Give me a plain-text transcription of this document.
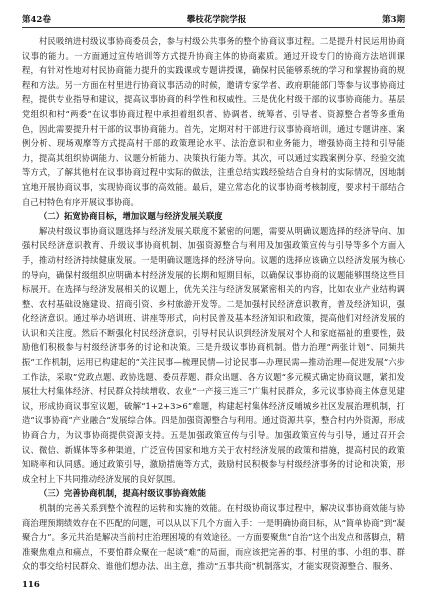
第42卷	攀枝花学院学报	第3期

村民吸纳进村级议事协商委员会，参与村级公共事务的整个协商议事过程。二是提升村民运用协商议事的能力。一方面通过宣传培训等方式提升协商主体的协商素质。通过开设专门的协商方法培训课程，有针对性地对村民协商能力提升的实践课或专题讲授课，确保村民能够系统的学习和掌握协商的规程和方法。另一方面在村里进行协商议事活动的时候，邀请专家学者、政府职能部门等参与议事协商过程，提供专业指导和建议，提高议事协商的科学性和权威性。三是优化村级干部的议事协商能力。基层党组织和村“两委”在议事协商过程中承担着组织者、协调者、统筹者、引导者、资源整合者等多重角色，因此需要提升村干部的议事协商能力。首先，定期对村干部进行议事协商培训，通过专题讲座、案例分析、现场观摩等方式提高村干部的政策理论水平、法治意识和业务能力，增强协商主持和引导能力，提高其组织协调能力、议题分析能力、决策执行能力等。其次，可以通过实践案例分享、经验交流等方式，了解其他村在议事协商过程中实际的做法，注重总结实践经验结合自身村的实际情况，因地制宜地开展协商议事，实现协商议事的高效能。最后，建立常态化的议事协商考核制度，要求村干部结合自己村特色有序开展议事协商。

（二）拓宽协商目标，增加议题与经济发展关联度

解决村级议事协商议题选择与经济发展关联度不紧密的问题，需要从明确议题选择的经济导向、加强村民经济意识教育、升级议事协商机制、加强资源整合与利用及加强政策宣传与引导等多个方面入手，推动村经济持续健康发展。一是明确议题选择的经济导向。议题的选择应该确立以经济发展为核心的导向，确保村级组织应明确本村经济发展的长期和短期目标，以确保议事协商的议题能够围绕这些目标展开。在选择与经济发展相关的议题上，优先关注与经济发展紧密相关的内容，比如农业产业结构调整、农村基础设施建设、招商引资、乡村旅游开发等。二是加强村民经济意识教育，普及经济知识，强化经济意识。通过举办培训班、讲座等形式，向村民普及基本经济知识和政策，提高他们对经济发展的认识和关注度。然后不断强化村民经济意识，引导村民认识到经济发展对个人和家庭福祉的重要性，鼓励他们积极参与村级经济事务的讨论和决策。三是升级议事协商机制。借力治理“两张计划”、同频共振“工作机制，运用已构建起的”关注民事—梳理民情—讨论民事—办理民需—推动治理—促进发展“六步工作法，采取”党政点题、政协选题、委员荐题、群众出题、各方议题“多元模式确定协商议题，紧扣发展壮大村集体经济、村民群众持续增收、农业“一产接三连三”广集村民群众，多元议事协商主体意见建议，形成协商议事室议题，破解“1+2+3>6”难题，构建起村集体经济反哺城乡社区发展治理机制，打造“议事协商”产业融合“发展综合体。四是加强资源整合与利用。通过资源共享，整合村内外资源，形成协商合力，为议事协商提供资源支持。五是加强政策宣传与引导。加强政策宣传与引导，通过召开会议、微信、新媒体等多种渠道，广泛宣传国家和地方关于农村经济发展的政策和措施，提高村民的政策知晓率和认同感。通过政策引导，激励措施等方式，鼓励村民积极参与村级经济事务的讨论和决策，形成全村上下共同推动经济发展的良好氛围。

（三）完善协商机制，提高村级议事协商效能

机制的完善关系到整个流程的运转和实施的效能。在村级协商议事过程中，解决议事协商效能与协商治理预期绩效存在不匹配的问题，可以从以下几个方面入手：一是明确协商目标，从“简单协商”到“凝聚合力”。多元共治是解决当前村庄治理困境的有效途径。一方面要聚焦“自治”这个出发点和落脚点，精准聚焦难点和痛点，不要怕群众聚在一起谈“难”的局面，而应该把完善的事、村里的事、小组的事、群众的事交给村民群众、谁他们想办法、出主意，推动“五事共商”机制落实，才能实现资源整合、服务、

116
